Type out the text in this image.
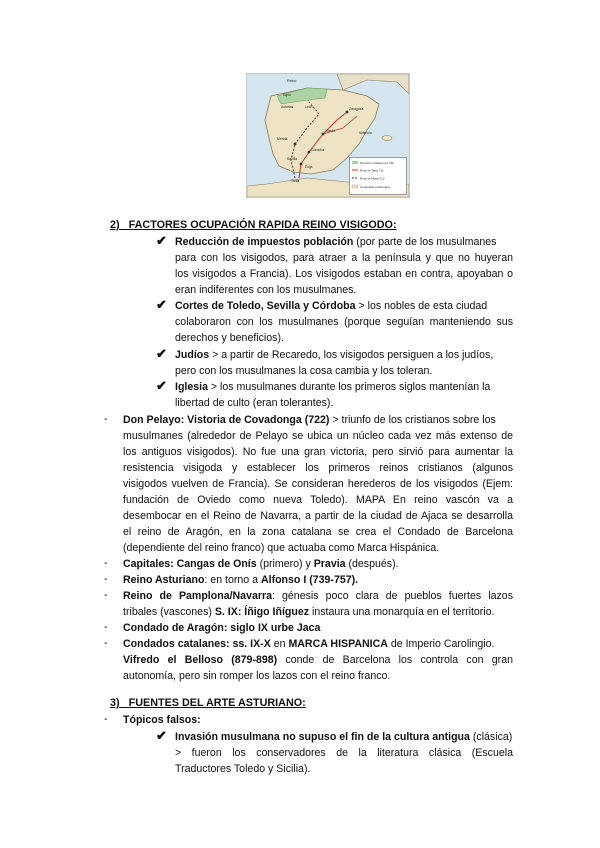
Reino
Gijón
Asturias	León	Zaragoza
Toledo
Córdoba
Sevilla
Mérida
Valencia
Écija
Tarifa
Territorio cristiano en 732
Ruta de Tariq 711
Ruta de Musa 712
Conquista musulmana
2)   FACTORES OCUPACIÓN RAPIDA REINO VISIGODO:
✔ Reducción de impuestos población (por parte de los musulmanes
para con los visigodos, para atraer a la península y que no huyeran
los visigodos a Francia). Los visigodos estaban en contra, apoyaban o
eran indiferentes con los musulmanes.
✔ Cortes de Toledo, Sevilla y Córdoba > los nobles de esta ciudad
colaboraron con los musulmanes (porque seguían manteniendo sus
derechos y beneficios).
✔ Judíos > a partir de Recaredo, los visigodos persiguen a los judíos,
pero con los musulmanes la cosa cambia y los toleran.
✔ Iglesia > los musulmanes durante los primeros siglos mantenían la
libertad de culto (eran tolerantes).
- Don Pelayo: Vistoria de Covadonga (722) > triunfo de los cristianos sobre los
musulmanes (alrededor de Pelayo se ubica un núcleo cada vez más extenso de
los antiguos visigodos). No fue una gran victoria, pero sirvió para aumentar la
resistencia visigoda y establecer los primeros reinos cristianos (algunos
visigodos vuelven de Francia). Se consideran herederos de los visigodos (Ejem:
fundación de Oviedo como nueva Toledo). MAPA En reino vascón va a
desembocar en el Reino de Navarra, a partir de la ciudad de Ajaca se desarrolla
el reino de Aragón, en la zona catalana se crea el Condado de Barcelona
(dependiente del reino franco) que actuaba como Marca Hispánica.
- Capitales: Cangas de Onís (primero) y Pravia (después).
- Reino Asturiano: en torno a Alfonso I (739-757).
- Reino de Pamplona/Navarra: génesis poco clara de pueblos fuertes lazos
tribales (vascones) S. IX: Íñigo Iñíguez instaura una monarquía en el territorio.
- Condado de Aragón: siglo IX urbe Jaca
- Condados catalanes: ss. IX-X en MARCA HISPANICA de Imperio Carolingio.
Vifredo el Belloso (879-898) conde de Barcelona los controla con gran
autonomía, pero sin romper los lazos con el reino franco.
3)   FUENTES DEL ARTE ASTURIANO:
- Tópicos falsos:
✔ Invasión musulmana no supuso el fin de la cultura antigua (clásica)
> fueron los conservadores de la literatura clásica (Escuela
Traductores Toledo y Sicilia).
